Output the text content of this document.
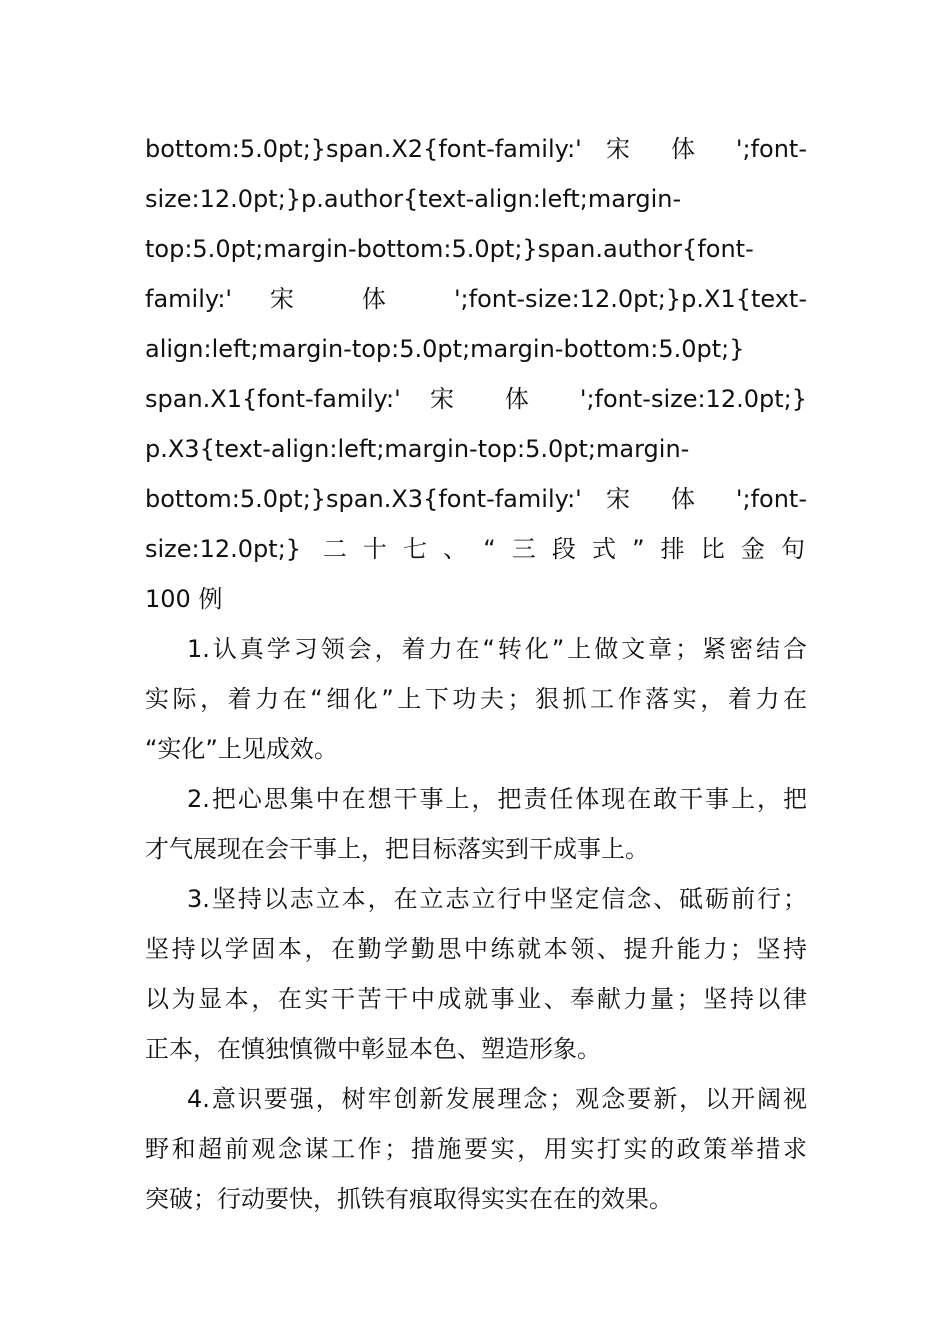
bottom:5.0pt;}span.X2{font-family:' 宋 体 ';font-
size:12.0pt;}p.author{text-align:left;margin-
top:5.0pt;margin-bottom:5.0pt;}span.author{font-
family:' 宋 体 ';font-size:12.0pt;}p.X1{text-
align:left;margin-top:5.0pt;margin-bottom:5.0pt;}
span.X1{font-family:' 宋 体 ';font-size:12.0pt;}
p.X3{text-align:left;margin-top:5.0pt;margin-
bottom:5.0pt;}span.X3{font-family:' 宋 体 ';font-
size:12.0pt;} 二十七、“三段式”排比金句
100 例
1.认真学习领会，着力在“转化”上做文章；紧密结合
实际，着力在“细化”上下功夫；狠抓工作落实，着力在
“实化”上见成效。
2.把心思集中在想干事上，把责任体现在敢干事上，把
才气展现在会干事上，把目标落实到干成事上。
3.坚持以志立本，在立志立行中坚定信念、砥砺前行；
坚持以学固本，在勤学勤思中练就本领、提升能力；坚持
以为显本，在实干苦干中成就事业、奉献力量；坚持以律
正本，在慎独慎微中彰显本色、塑造形象。
4.意识要强，树牢创新发展理念；观念要新，以开阔视
野和超前观念谋工作；措施要实，用实打实的政策举措求
突破；行动要快，抓铁有痕取得实实在在的效果。
